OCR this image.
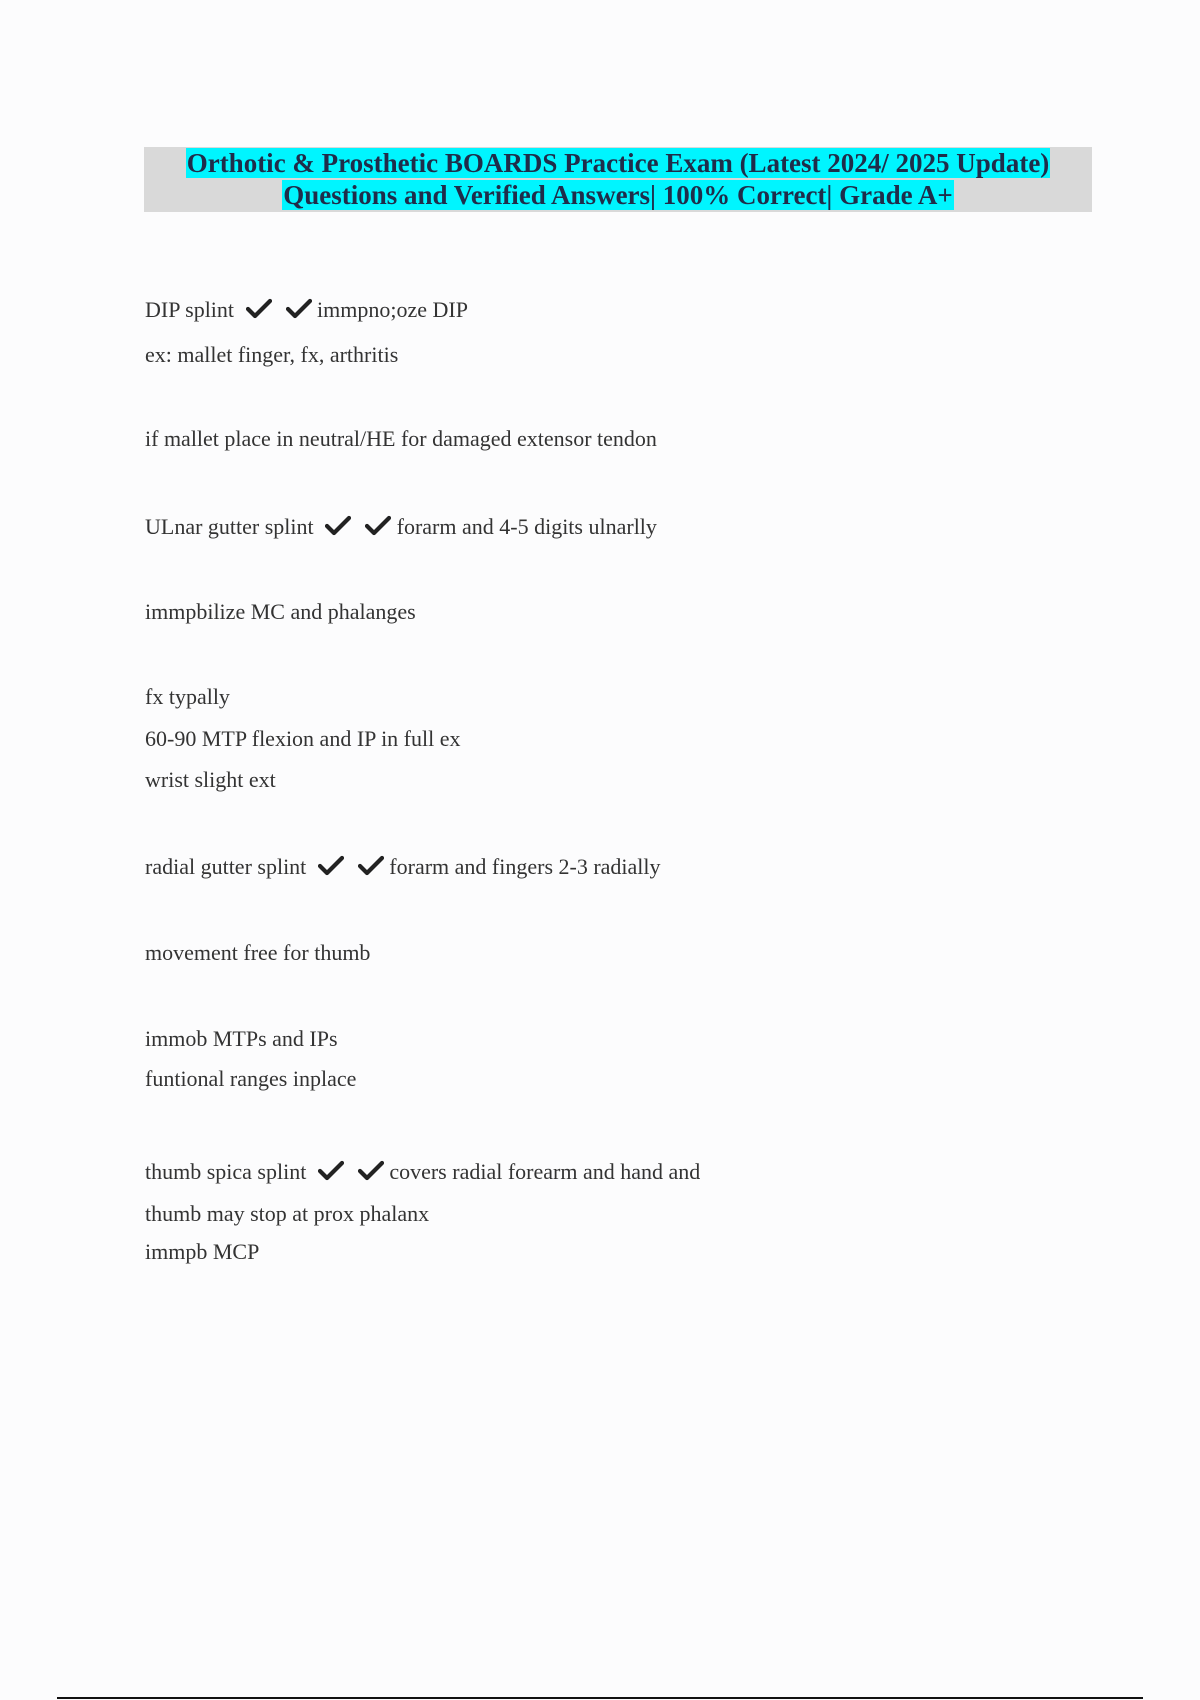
Orthotic & Prosthetic BOARDS Practice Exam (Latest 2024/ 2025 Update)
Questions and Verified Answers| 100% Correct| Grade A+
DIP splint	immpno;oze DIP
ex: mallet finger, fx, arthritis
if mallet place in neutral/HE for damaged extensor tendon
ULnar gutter splint	forarm and 4-5 digits ulnarlly
immpbilize MC and phalanges
fx typally
60-90 MTP flexion and IP in full ex
wrist slight ext
radial gutter splint	forarm and fingers 2-3 radially
movement free for thumb
immob MTPs and IPs
funtional ranges inplace
thumb spica splint	covers radial forearm and hand and
thumb may stop at prox phalanx
immpb MCP
